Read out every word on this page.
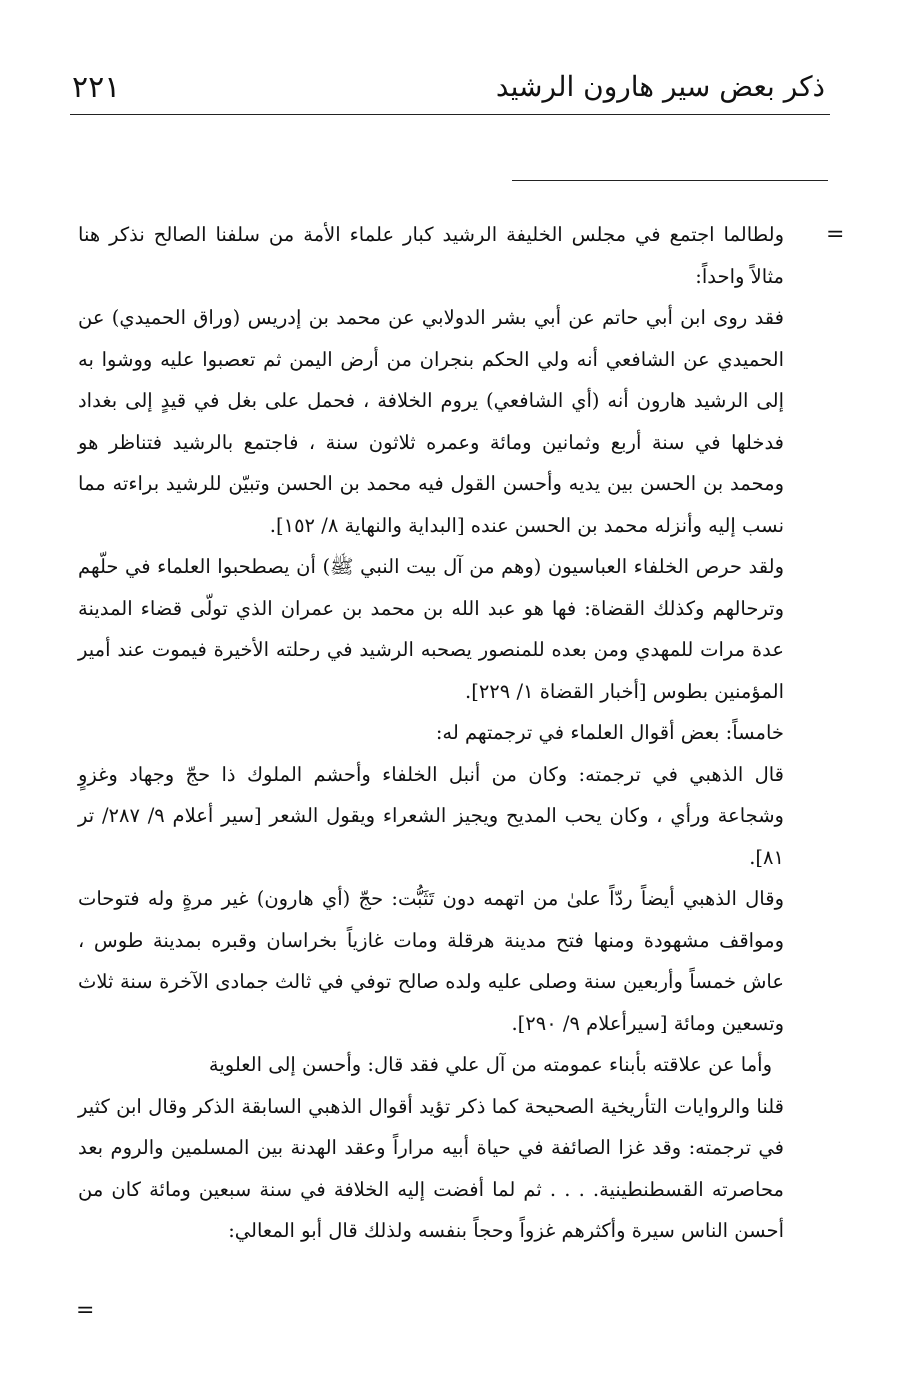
٢٢١	ذكر بعض سير هارون الرشيد
=

ولطالما اجتمع في مجلس الخليفة الرشيد كبار علماء الأمة من سلفنا الصالح نذكر هنا مثالاً واحداً:

فقد روى ابن أبي حاتم عن أبي بشر الدولابي عن محمد بن إدريس (وراق الحميدي) عن الحميدي عن الشافعي أنه ولي الحكم بنجران من أرض اليمن ثم تعصبوا عليه ووشوا به إلى الرشيد هارون أنه (أي الشافعي) يروم الخلافة ، فحمل على بغل في قيدٍ إلى بغداد فدخلها في سنة أربع وثمانين ومائة وعمره ثلاثون سنة ، فاجتمع بالرشيد فتناظر هو ومحمد بن الحسن بين يديه وأحسن القول فيه محمد بن الحسن وتبيّن للرشيد براءته مما نسب إليه وأنزله محمد بن الحسن عنده [البداية والنهاية ٨/ ١٥٢].

ولقد حرص الخلفاء العباسيون (وهم من آل بيت النبي ﷺ) أن يصطحبوا العلماء في حلّهم وترحالهم وكذلك القضاة: فها هو عبد الله بن محمد بن عمران الذي تولّى قضاء المدينة عدة مرات للمهدي ومن بعده للمنصور يصحبه الرشيد في رحلته الأخيرة فيموت عند أمير المؤمنين بطوس [أخبار القضاة ١/ ٢٢٩].

خامساً: بعض أقوال العلماء في ترجمتهم له:

قال الذهبي في ترجمته: وكان من أنبل الخلفاء وأحشم الملوك ذا حجّ وجهاد وغزوٍ وشجاعة ورأي ، وكان يحب المديح ويجيز الشعراء ويقول الشعر [سير أعلام ٩/ ٢٨٧/ تر ٨١].

وقال الذهبي أيضاً ردّاً علىٰ من اتهمه دون تَثَبُّت: حجّ (أي هارون) غير مرةٍ وله فتوحات ومواقف مشهودة ومنها فتح مدينة هرقلة ومات غازياً بخراسان وقبره بمدينة طوس ، عاش خمساً وأربعين سنة وصلى عليه ولده صالح توفي في ثالث جمادى الآخرة سنة ثلاث وتسعين ومائة [سيرأعلام ٩/ ٢٩٠].

وأما عن علاقته بأبناء عمومته من آل علي فقد قال: وأحسن إلى العلوية

قلنا والروايات التأريخية الصحيحة كما ذكر تؤيد أقوال الذهبي السابقة الذكر وقال ابن كثير في ترجمته: وقد غزا الصائفة في حياة أبيه مراراً وعقد الهدنة بين المسلمين والروم بعد محاصرته القسطنطينية. . . . ثم لما أفضت إليه الخلافة في سنة سبعين ومائة كان من أحسن الناس سيرة وأكثرهم غزواً وحجاً بنفسه ولذلك قال أبو المعالي:

=
